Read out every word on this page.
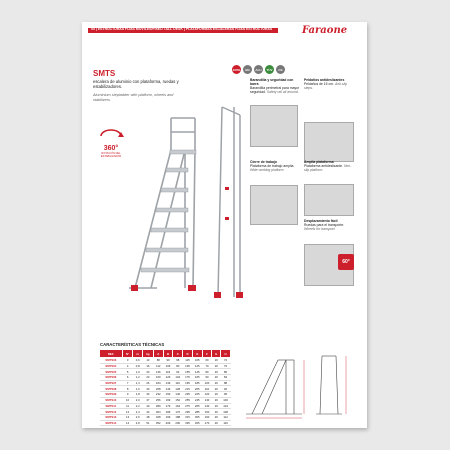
04 | ESTRUCTURAS FIJAS MÓVILES/FIXED TALL DESK | PLATAFORMAS ESCALERAS FIJAS ESTRUCTURAS	Faraone
SMTS
escalera de aluminio con plataforma, ruedas y estabilizadores.
Aluminium stepladder with platform, wheels and stabilizers.
100%	EN	ALU	TÜV	CE
360°
ROTACIÓN DEL ESTABILIZADOR
60°
Barandilla y seguridad con barra
Barandilla perimetral para mayor seguridad. Safety rail all around.
Peldaños antideslizantes
Peldaños de 15 cm. Anti-slip steps.
Cierre de trabajo
Plataforma de trabajo amplia. Wide working platform.
Amplia plataforma
Plataforma antideslizante. Non-slip platform.
Desplazamiento fácil
Ruedas para el transporte. Wheels for transport.
CARACTERÍSTICAS TÉCNICAS
REF.	N°	m	kg	A	B	C	D	E	F	G	H
SMTS03	3	0,6	13	88	99	68	115	105	60	20	72
SMTS04	4	0,8	16	112	109	80	135	125	70	20	76
SMTS05	5	1,0	20	136	119	92	155	145	80	20	80
SMTS06	6	1,2	23	160	129	104	175	165	90	20	84
SMTS07	7	1,4	26	184	139	116	195	185	100	20	88
SMTS08	8	1,6	30	208	149	128	215	205	110	20	92
SMTS09	9	1,8	33	232	159	140	235	225	120	20	96
SMTS10	10	2,0	37	256	169	152	255	245	130	20	100
SMTS11	11	2,2	40	280	179	164	275	265	140	20	104
SMTS12	12	2,4	44	304	189	176	295	285	150	20	108
SMTS13	13	2,6	48	328	199	188	315	305	160	20	112
SMTS14	14	2,8	51	352	209	200	335	325	170	20	116
